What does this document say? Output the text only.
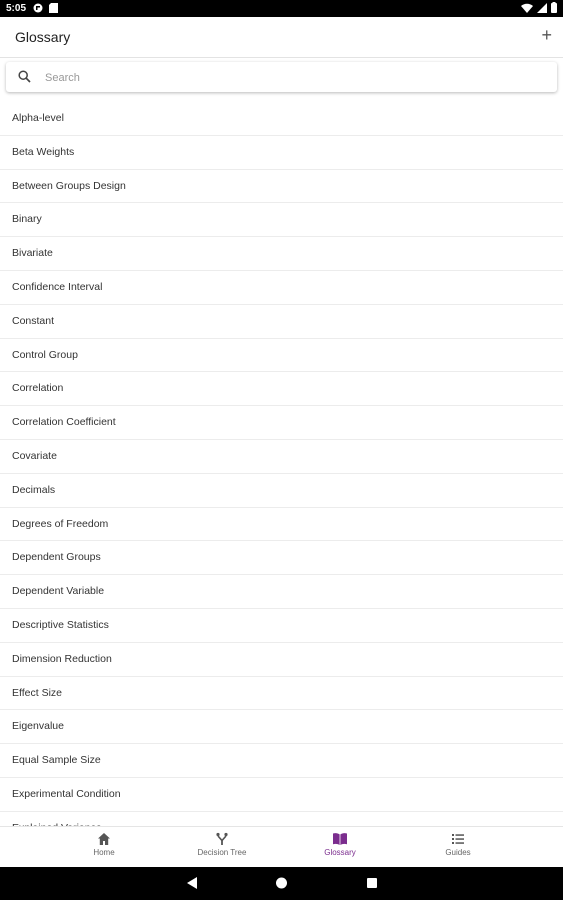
5:05
Glossary	+
Search
Alpha-level
Beta Weights
Between Groups Design
Binary
Bivariate
Confidence Interval
Constant
Control Group
Correlation
Correlation Coefficient
Covariate
Decimals
Degrees of Freedom
Dependent Groups
Dependent Variable
Descriptive Statistics
Dimension Reduction
Effect Size
Eigenvalue
Equal Sample Size
Experimental Condition
Home	Decision Tree	Glossary	Guides
